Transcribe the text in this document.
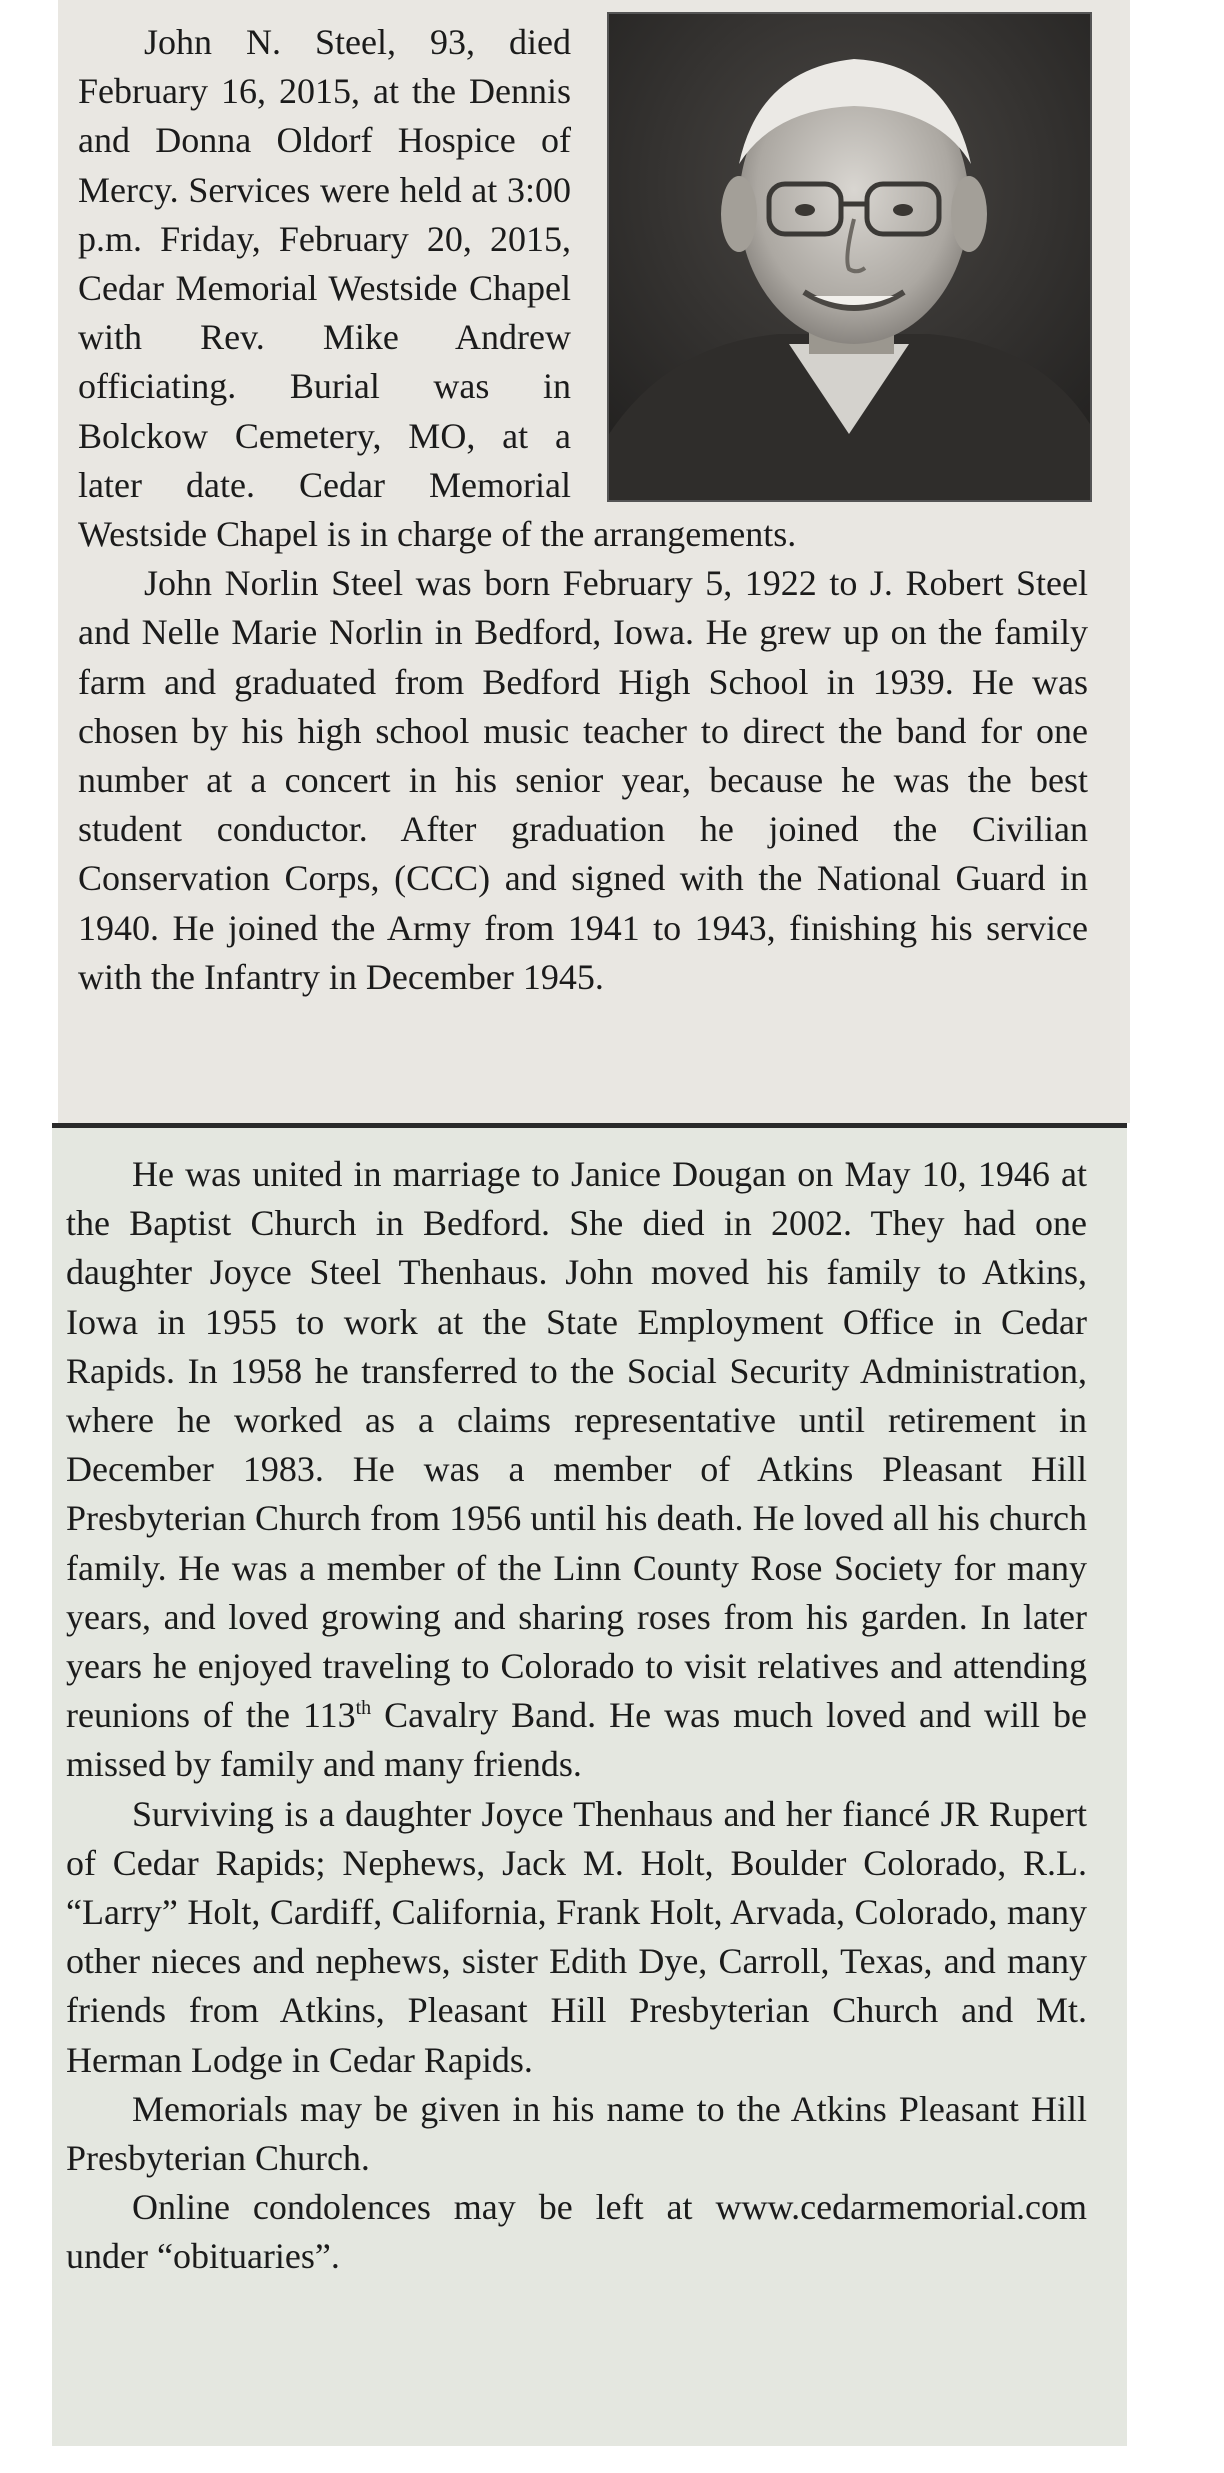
John N. Steel, 93, died February 16, 2015, at the Dennis and Donna Oldorf Hospice of Mercy. Services were held at 3:00 p.m. Friday, February 20, 2015, Cedar Memorial Westside Chapel with Rev. Mike Andrew officiating. Burial was in Bolckow Cemetery, MO, at a later date. Cedar Memorial Westside Chapel is in charge of the arrangements.

John Norlin Steel was born February 5, 1922 to J. Robert Steel and Nelle Marie Norlin in Bedford, Iowa. He grew up on the family farm and graduated from Bedford High School in 1939. He was chosen by his high school music teacher to direct the band for one number at a concert in his senior year, because he was the best student conductor. After graduation he joined the Civilian Conservation Corps, (CCC) and signed with the National Guard in 1940. He joined the Army from 1941 to 1943, finishing his service with the Infantry in December 1945.

He was united in marriage to Janice Dougan on May 10, 1946 at the Baptist Church in Bedford. She died in 2002. They had one daughter Joyce Steel Thenhaus. John moved his family to Atkins, Iowa in 1955 to work at the State Employment Office in Cedar Rapids. In 1958 he transferred to the Social Security Administration, where he worked as a claims representative until retirement in December 1983. He was a member of Atkins Pleasant Hill Presbyterian Church from 1956 until his death. He loved all his church family. He was a member of the Linn County Rose Society for many years, and loved growing and sharing roses from his garden. In later years he enjoyed traveling to Colorado to visit relatives and attending reunions of the 113th Cavalry Band. He was much loved and will be missed by family and many friends.

Surviving is a daughter Joyce Thenhaus and her fiancé JR Rupert of Cedar Rapids; Nephews, Jack M. Holt, Boulder Colorado, R.L. “Larry” Holt, Cardiff, California, Frank Holt, Arvada, Colorado, many other nieces and nephews, sister Edith Dye, Carroll, Texas, and many friends from Atkins, Pleasant Hill Presbyterian Church and Mt. Herman Lodge in Cedar Rapids.

Memorials may be given in his name to the Atkins Pleasant Hill Presbyterian Church.

Online condolences may be left at www.cedarmemorial.com under “obituaries”.
